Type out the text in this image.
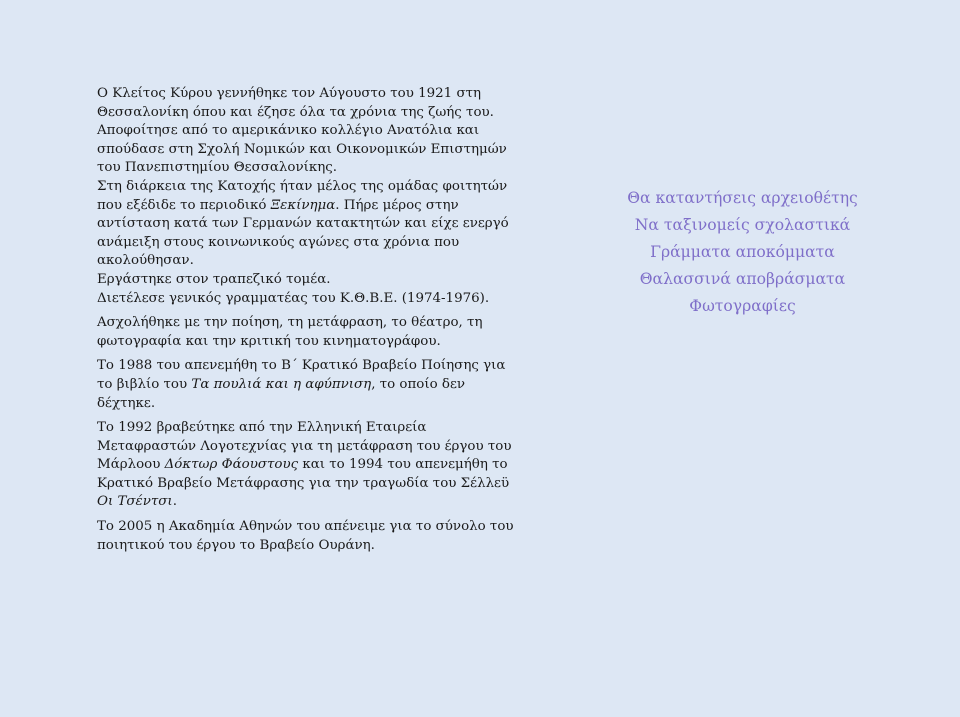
Ο Κλείτος Κύρου γεννήθηκε τον Αύγουστο του 1921 στη Θεσσαλονίκη όπου και έζησε όλα τα χρόνια της ζωής του.

Αποφοίτησε από το αμερικάνικο κολλέγιο Ανατόλια και σπούδασε στη Σχολή Νομικών και Οικονομικών Επιστημών του Πανεπιστημίου Θεσσαλονίκης.

Στη διάρκεια της Κατοχής ήταν μέλος της ομάδας φοιτητών που εξέδιδε το περιοδικό Ξεκίνημα. Πήρε μέρος στην αντίσταση κατά των Γερμανών κατακτητών και είχε ενεργό ανάμειξη στους κοινωνικούς αγώνες στα χρόνια που ακολούθησαν.

Εργάστηκε στον τραπεζικό τομέα.

Διετέλεσε γενικός γραμματέας του Κ.Θ.Β.Ε. (1974-1976).

Ασχολήθηκε με την ποίηση, τη μετάφραση, το θέατρο, τη φωτογραφία και την κριτική του κινηματογράφου.

Το 1988 του απενεμήθη το Β΄ Κρατικό Βραβείο Ποίησης για το βιβλίο του Τα πουλιά και η αφύπνιση, το οποίο δεν δέχτηκε.

Το 1992 βραβεύτηκε από την Ελληνική Εταιρεία Μεταφραστών Λογοτεχνίας για τη μετάφραση του έργου του Μάρλοου Δόκτωρ Φάουστους και το 1994 του απενεμήθη το Κρατικό Βραβείο Μετάφρασης για την τραγωδία του Σέλλεϋ Οι Τσέντσι.

Το 2005 η Ακαδημία Αθηνών του απένειμε για το σύνολο του ποιητικού του έργου το Βραβείο Ουράνη.

Θα καταντήσεις αρχειοθέτης
Να ταξινομείς σχολαστικά
Γράμματα αποκόμματα
Θαλασσινά αποβράσματα
Φωτογραφίες
